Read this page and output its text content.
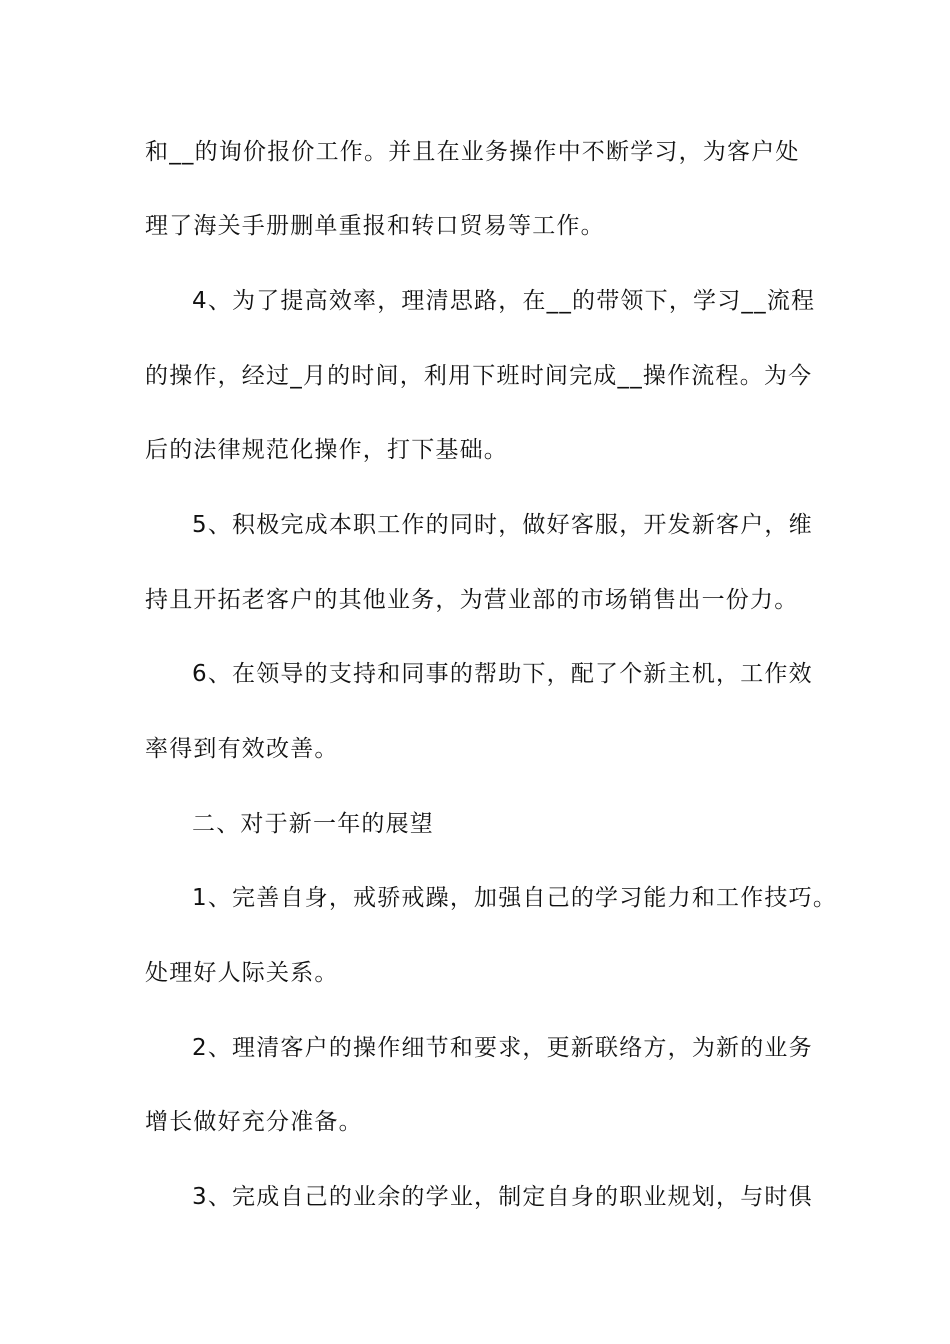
和__的询价报价工作。并且在业务操作中不断学习，为客户处
理了海关手册删单重报和转口贸易等工作。
4、为了提高效率，理清思路，在__的带领下，学习__流程
的操作，经过_月的时间，利用下班时间完成__操作流程。为今
后的法律规范化操作，打下基础。
5、积极完成本职工作的同时，做好客服，开发新客户，维
持且开拓老客户的其他业务，为营业部的市场销售出一份力。
6、在领导的支持和同事的帮助下，配了个新主机，工作效
率得到有效改善。
二、对于新一年的展望
1、完善自身，戒骄戒躁，加强自己的学习能力和工作技巧。
处理好人际关系。
2、理清客户的操作细节和要求，更新联络方，为新的业务
增长做好充分准备。
3、完成自己的业余的学业，制定自身的职业规划，与时俱
